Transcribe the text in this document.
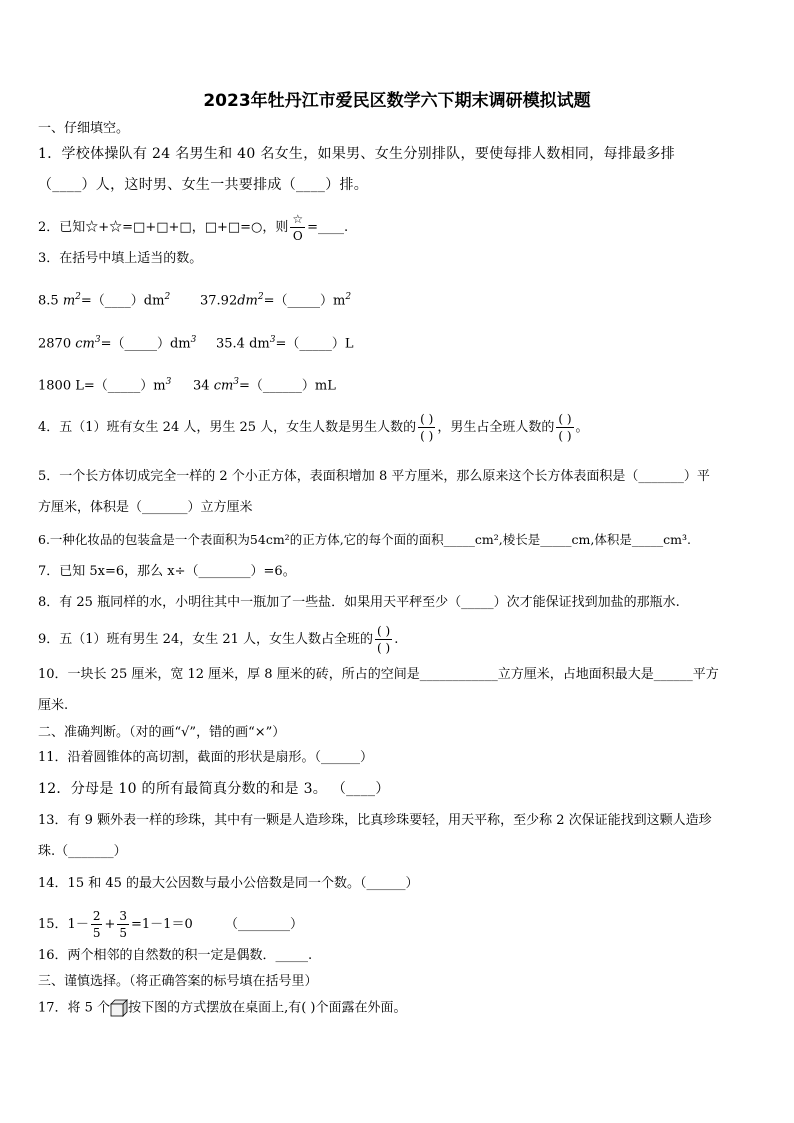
2023年牡丹江市爱民区数学六下期末调研模拟试题
一、仔细填空。
1．学校体操队有 24 名男生和 40 名女生，如果男、女生分别排队，要使每排人数相同，每排最多排
（____）人，这时男、女生一共要排成（____）排。
2．已知☆+☆=□+□+□，□+□=○，则 $\frac{☆}{O}$ =____.
3．在括号中填上适当的数。
8.5 $m^2=(\_\_\_\_)dm^2$ $37.92dm^2=(\_\_\_\_\_)m^2$
2870 $cm^3=(\_\_\_\_\_)dm^3$ 35.4 $dm^3=(\_\_\_\_\_)L$
1800 $L=(\_\_\_\_\_)m^3$ 34 $cm^3=(\_\_\_\_\_\_)mL$
4．五（1）班有女生 24 人，男生 25 人，女生人数是男生人数的 $\frac{( )}{( )}$ ，男生占全班人数的 $\frac{( )}{( )}$ 。
5．一个长方体切成完全一样的 2 个小正方体，表面积增加 8 平方厘米，那么原来这个长方体表面积是（_______）平
方厘米，体积是（_______）立方厘米
6.一种化妆品的包装盒是一个表面积为54cm²的正方体,它的每个面的面积_____cm²,棱长是_____cm,体积是_____cm³.
7．已知 5x=6，那么 x÷（________）=6。
8．有 25 瓶同样的水，小明往其中一瓶加了一些盐．如果用天平秤至少（_____）次才能保证找到加盐的那瓶水.
9．五（1）班有男生 24，女生 21 人，女生人数占全班的 $\frac{( )}{( )}$ .
10．一块长 25 厘米，宽 12 厘米，厚 8 厘米的砖，所占的空间是____________立方厘米，占地面积最大是______平方
厘米.
二、准确判断。（对的画“√”，错的画“×”）
11．沿着圆锥体的高切割，截面的形状是扇形。（______）
12．分母是 10 的所有最简真分数的和是 3。 （____）
13．有 9 颗外表一样的珍珠，其中有一颗是人造珍珠，比真珍珠要轻，用天平称，至少称 2 次保证能找到这颗人造珍
珠.（_______）
14．15 和 45 的最大公因数与最小公倍数是同一个数。（______）
15．$1- \frac{2}{5} + \frac{3}{5} =1-1=0$ （________）
16．两个相邻的自然数的积一定是偶数．_____.
三、谨慎选择。（将正确答案的标号填在括号里）
17．将 5 个 按下图的方式摆放在桌面上,有( )个面露在外面。
